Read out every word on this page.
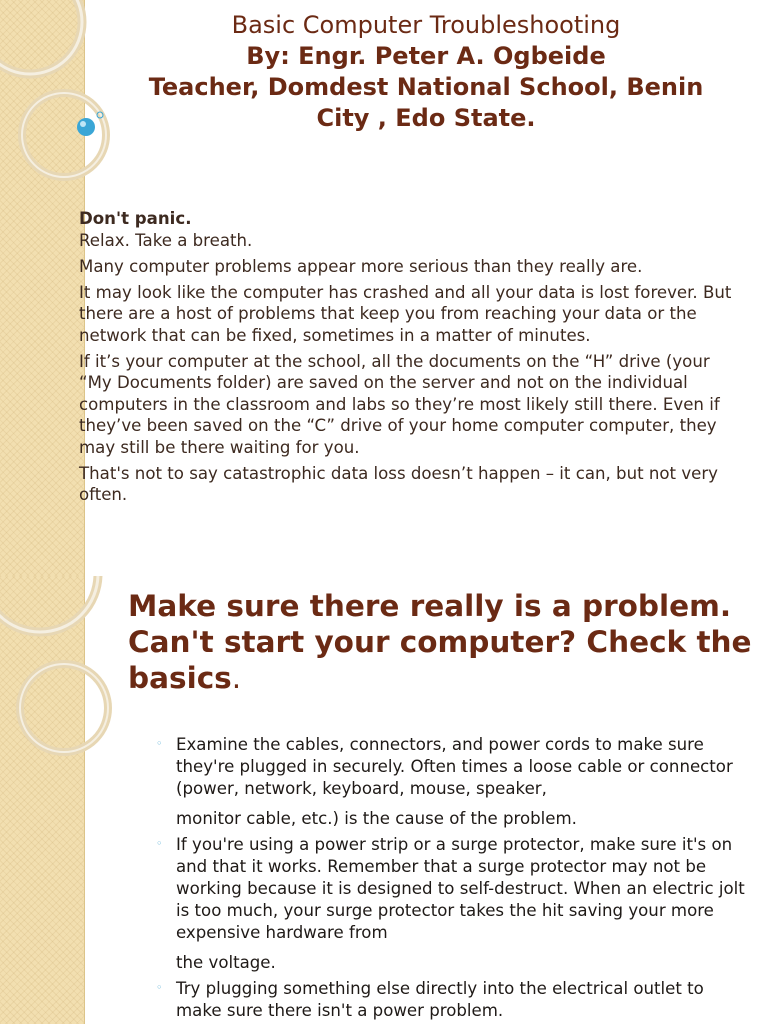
Basic Computer Troubleshooting
By: Engr. Peter A. Ogbeide
Teacher, Domdest National School, Benin
City , Edo State.

Don't panic.

Relax. Take a breath.

Many computer problems appear more serious than they really are.

It may look like the computer has crashed and all your data is lost forever. But there are a host of problems that keep you from reaching your data or the network that can be fixed, sometimes in a matter of minutes.

If it’s your computer at the school, all the documents on the “H” drive (your “My Documents folder) are saved on the server and not on the individual computers in the classroom and labs so they’re most likely still there. Even if they’ve been saved on the “C” drive of your home computer computer, they may still be there waiting for you.

That's not to say catastrophic data loss doesn’t happen – it can, but not very often.

Make sure there really is a problem. Can't start your computer? Check the basics.
◦ Examine the cables, connectors, and power cords to make sure they're plugged in securely. Often times a loose cable or connector (power, network, keyboard, mouse, speaker,
monitor cable, etc.) is the cause of the problem.
◦ If you're using a power strip or a surge protector, make sure it's on and that it works. Remember that a surge protector may not be working because it is designed to self-destruct. When an electric jolt is too much, your surge protector takes the hit saving your more expensive hardware from
the voltage.
◦ Try plugging something else directly into the electrical outlet to make sure there isn't a power problem.
